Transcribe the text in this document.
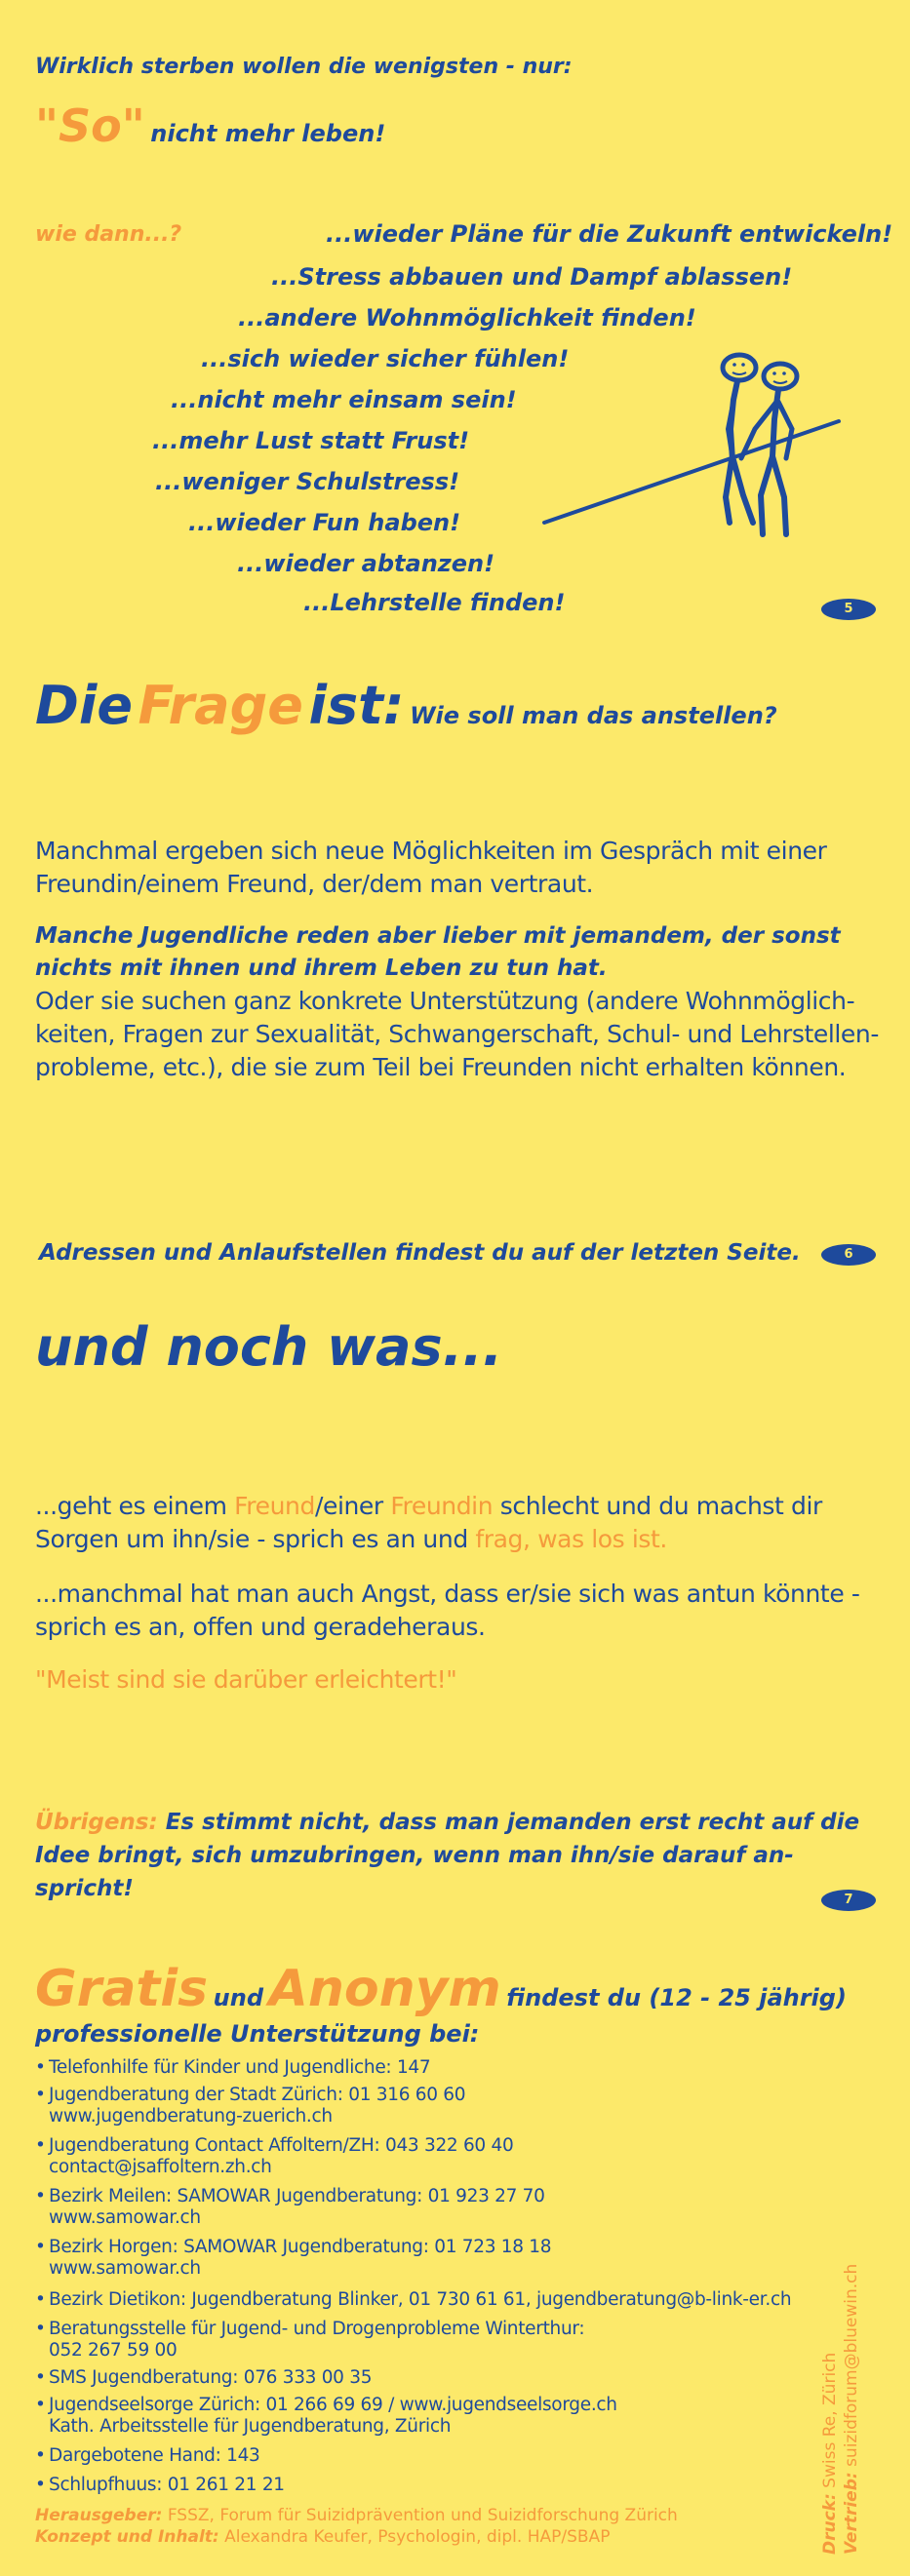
Wirklich sterben wollen die wenigsten - nur:
"So" nicht mehr leben!
wie dann...?	...wieder Pläne für die Zukunft entwickeln!
...Stress abbauen und Dampf ablassen!
...andere Wohnmöglichkeit finden!
...sich wieder sicher fühlen!
...nicht mehr einsam sein!
...mehr Lust statt Frust!
...weniger Schulstress!
...wieder Fun haben!
...wieder abtanzen!
...Lehrstelle finden!	5
Die Frage ist: Wie soll man das anstellen?
Manchmal ergeben sich neue Möglichkeiten im Gespräch mit einer Freundin/einem Freund, der/dem man vertraut.
Manche Jugendliche reden aber lieber mit jemandem, der sonst nichts mit ihnen und ihrem Leben zu tun hat.
Oder sie suchen ganz konkrete Unterstützung (andere Wohnmöglich-keiten, Fragen zur Sexualität, Schwangerschaft, Schul- und Lehrstellen-probleme, etc.), die sie zum Teil bei Freunden nicht erhalten können.
Adressen und Anlaufstellen findest du auf der letzten Seite.	6
und noch was...
...geht es einem Freund/einer Freundin schlecht und du machst dir Sorgen um ihn/sie - sprich es an und frag, was los ist.
...manchmal hat man auch Angst, dass er/sie sich was antun könnte - sprich es an, offen und geradeheraus.
"Meist sind sie darüber erleichtert!"
Übrigens: Es stimmt nicht, dass man jemanden erst recht auf die Idee bringt, sich umzubringen, wenn man ihn/sie darauf an-spricht!	7
Gratis und Anonym findest du (12 - 25 jährig)
professionelle Unterstützung bei:
• Telefonhilfe für Kinder und Jugendliche: 147
• Jugendberatung der Stadt Zürich: 01 316 60 60
www.jugendberatung-zuerich.ch
• Jugendberatung Contact Affoltern/ZH: 043 322 60 40
contact@jsaffoltern.zh.ch
• Bezirk Meilen: SAMOWAR Jugendberatung: 01 923 27 70
www.samowar.ch
• Bezirk Horgen: SAMOWAR Jugendberatung: 01 723 18 18
www.samowar.ch
• Bezirk Dietikon: Jugendberatung Blinker, 01 730 61 61, jugendberatung@b-link-er.ch
• Beratungsstelle für Jugend- und Drogenprobleme Winterthur:
052 267 59 00
• SMS Jugendberatung: 076 333 00 35
• Jugendseelsorge Zürich: 01 266 69 69 / www.jugendseelsorge.ch
Kath. Arbeitsstelle für Jugendberatung, Zürich
• Dargebotene Hand: 143
• Schlupfhuus: 01 261 21 21
Herausgeber: FSSZ, Forum für Suizidprävention und Suizidforschung Zürich
Konzept und Inhalt: Alexandra Keufer, Psychologin, dipl. HAP/SBAP	Druck: Swiss Re, Zürich
Vertrieb: suizidforum@bluewin.ch
